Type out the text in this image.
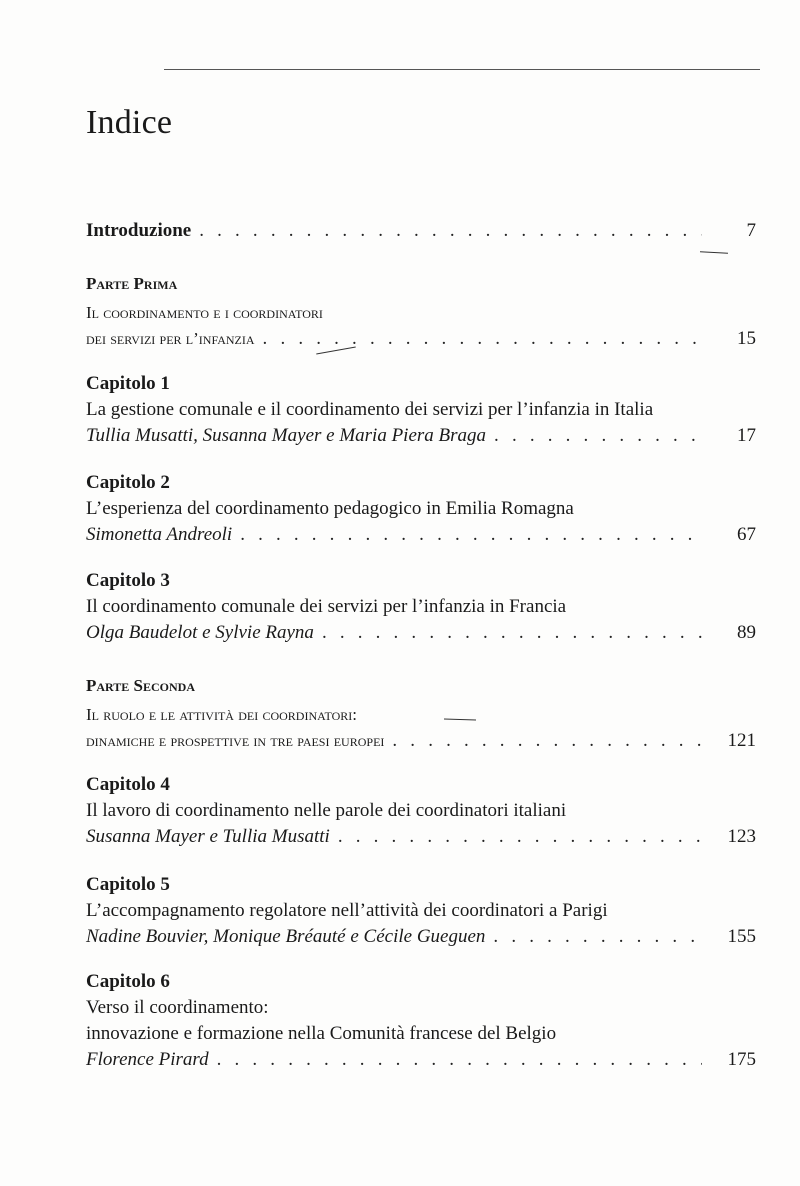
Indice
Introduzione . . .	7
Parte Prima
Il coordinamento e i coordinatori
dei servizi per l’infanzia . . .	15
Capitolo 1
La gestione comunale e il coordinamento dei servizi per l’infanzia in Italia
Tullia Musatti, Susanna Mayer e Maria Piera Braga . . .	17
Capitolo 2
L’esperienza del coordinamento pedagogico in Emilia Romagna
Simonetta Andreoli . . .	67
Capitolo 3
Il coordinamento comunale dei servizi per l’infanzia in Francia
Olga Baudelot e Sylvie Rayna . . .	89
Parte Seconda
Il ruolo e le attività dei coordinatori:
dinamiche e prospettive in tre paesi europei . . .	121
Capitolo 4
Il lavoro di coordinamento nelle parole dei coordinatori italiani
Susanna Mayer e Tullia Musatti . . .	123
Capitolo 5
L’accompagnamento regolatore nell’attività dei coordinatori a Parigi
Nadine Bouvier, Monique Bréauté e Cécile Gueguen . . .	155
Capitolo 6
Verso il coordinamento:
innovazione e formazione nella Comunità francese del Belgio
Florence Pirard . . .	175
